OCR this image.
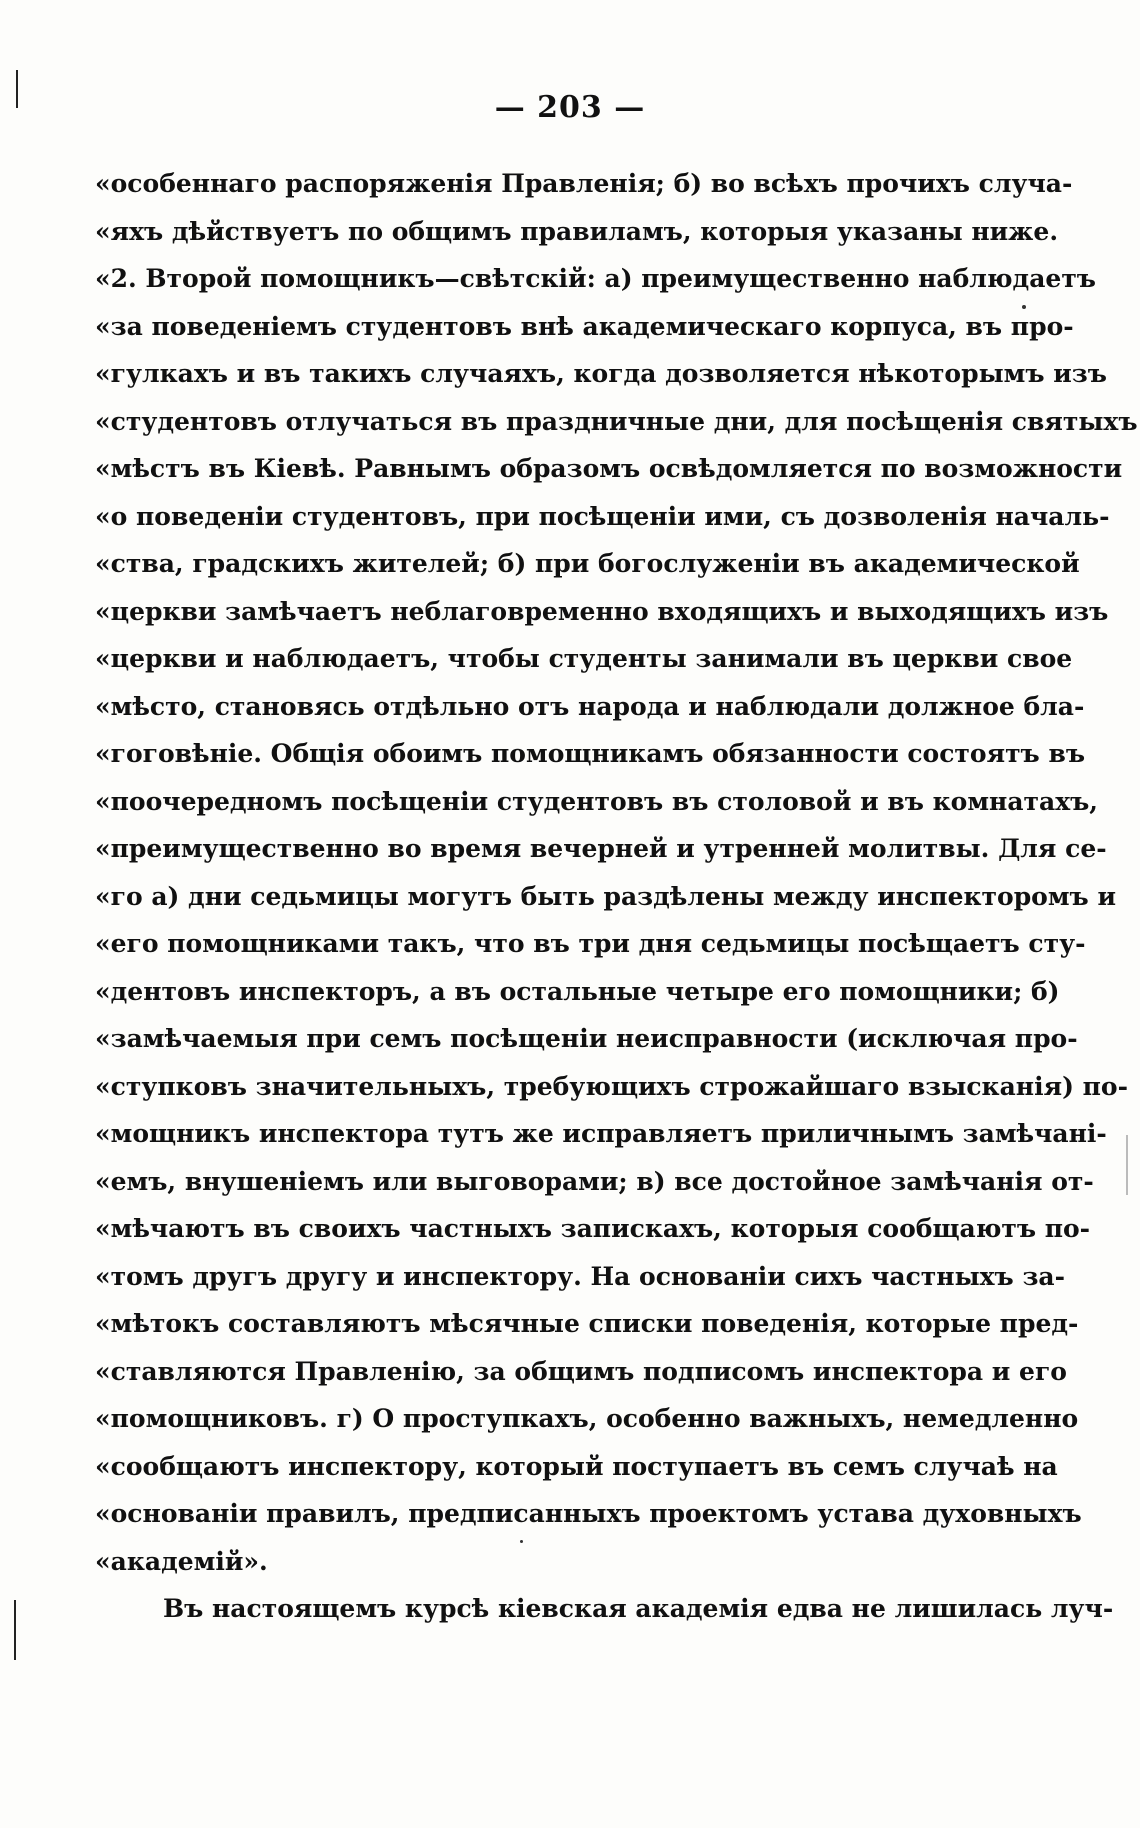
— 203 —
«особеннаго распоряженія Правленія; б) во всѣхъ прочихъ случа-
«яхъ дѣйствуетъ по общимъ правиламъ, которыя указаны ниже.
«2. Второй помощникъ—свѣтскій: а) преимущественно наблюдаетъ
«за поведеніемъ студентовъ внѣ академическаго корпуса, въ про-
«гулкахъ и въ такихъ случаяхъ, когда дозволяется нѣкоторымъ изъ
«студентовъ отлучаться въ праздничные дни, для посѣщенія святыхъ
«мѣстъ въ Кіевѣ. Равнымъ образомъ освѣдомляется по возможности
«о поведеніи студентовъ, при посѣщеніи ими, съ дозволенія началь-
«ства, градскихъ жителей; б) при богослуженіи въ академической
«церкви замѣчаетъ неблаговременно входящихъ и выходящихъ изъ
«церкви и наблюдаетъ, чтобы студенты занимали въ церкви свое
«мѣсто, становясь отдѣльно отъ народа и наблюдали должное бла-
«гоговѣніе. Общія обоимъ помощникамъ обязанности состоятъ въ
«поочередномъ посѣщеніи студентовъ въ столовой и въ комнатахъ,
«преимущественно во время вечерней и утренней молитвы. Для се-
«го а) дни седьмицы могутъ быть раздѣлены между инспекторомъ и
«его помощниками такъ, что въ три дня седьмицы посѣщаетъ сту-
«дентовъ инспекторъ, а въ остальные четыре его помощники; б)
«замѣчаемыя при семъ посѣщеніи неисправности (исключая про-
«ступковъ значительныхъ, требующихъ строжайшаго взысканія) по-
«мощникъ инспектора тутъ же исправляетъ приличнымъ замѣчані-
«емъ, внушеніемъ или выговорами; в) все достойное замѣчанія от-
«мѣчаютъ въ своихъ частныхъ запискахъ, которыя сообщаютъ по-
«томъ другъ другу и инспектору. На основаніи сихъ частныхъ за-
«мѣтокъ составляютъ мѣсячные списки поведенія, которые пред-
«ставляются Правленію, за общимъ подписомъ инспектора и его
«помощниковъ. г) О проступкахъ, особенно важныхъ, немедленно
«сообщаютъ инспектору, который поступаетъ въ семъ случаѣ на
«основаніи правилъ, предписанныхъ проектомъ устава духовныхъ
«академій».
Въ настоящемъ курсѣ кіевская академія едва не лишилась луч-
